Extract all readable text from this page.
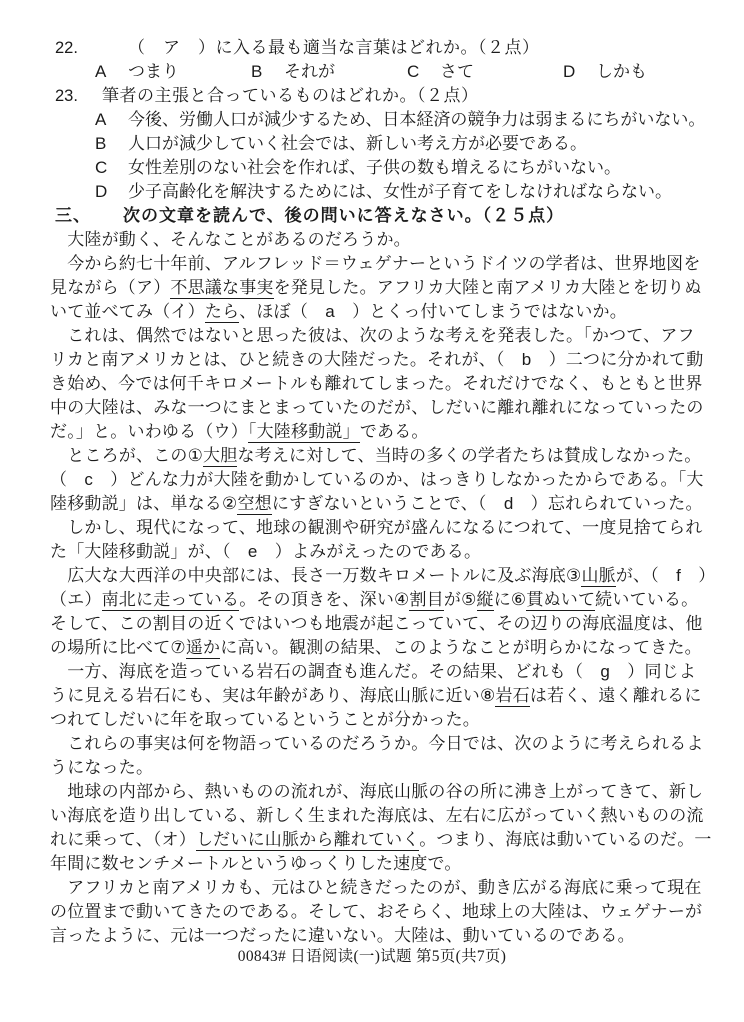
22.	（　ア　）に入る最も適当な言葉はどれか。（２点）
A	つまり	B	それが	C	さて	D	しかも
23.	筆者の主張と合っているものはどれか。（２点）
A	今後、労働人口が減少するため、日本経済の競争力は弱まるにちがいない。
B	人口が減少していく社会では、新しい考え方が必要である。
C	女性差別のない社会を作れば、子供の数も増えるにちがいない。
D	少子高齢化を解決するためには、女性が子育てをしなければならない。
三、	次の文章を読んで、後の問いに答えなさい。（２５点）
　大陸が動く、そんなことがあるのだろうか。
　今から約七十年前、アルフレッド＝ウェゲナーというドイツの学者は、世界地図を
見ながら（ア）不思議な事実を発見した。アフリカ大陸と南アメリカ大陸とを切りぬ
いて並べてみ（イ）たら、ほぼ（　a　）とくっ付いてしまうではないか。
　これは、偶然ではないと思った彼は、次のような考えを発表した。「かつて、アフ
リカと南アメリカとは、ひと続きの大陸だった。それが、（　b　）二つに分かれて動
き始め、今では何千キロメートルも離れてしまった。それだけでなく、もともと世界
中の大陸は、みな一つにまとまっていたのだが、しだいに離れ離れになっていったの
だ。」と。いわゆる（ウ）「大陸移動説」である。
　ところが、この①大胆な考えに対して、当時の多くの学者たちは賛成しなかった。
（　c　）どんな力が大陸を動かしているのか、はっきりしなかったからである。「大
陸移動説」は、単なる②空想にすぎないということで、（　d　）忘れられていった。
　しかし、現代になって、地球の観測や研究が盛んになるにつれて、一度見捨てられ
た「大陸移動説」が、（　e　）よみがえったのである。
　広大な大西洋の中央部には、長さ一万数キロメートルに及ぶ海底③山脈が、（　f　）
（エ）南北に走っている。その頂きを、深い④割目が⑤縦に⑥貫ぬいて続いている。
そして、この割目の近くではいつも地震が起こっていて、その辺りの海底温度は、他
の場所に比べて⑦遥かに高い。観測の結果、このようなことが明らかになってきた。
　一方、海底を造っている岩石の調査も進んだ。その結果、どれも（　g　）同じよ
うに見える岩石にも、実は年齢があり、海底山脈に近い⑧岩石は若く、遠く離れるに
つれてしだいに年を取っているということが分かった。
　これらの事実は何を物語っているのだろうか。今日では、次のように考えられるよ
うになった。
　地球の内部から、熱いものの流れが、海底山脈の谷の所に沸き上がってきて、新し
い海底を造り出している、新しく生まれた海底は、左右に広がっていく熱いものの流
れに乗って、（オ）しだいに山脈から離れていく。つまり、海底は動いているのだ。一
年間に数センチメートルというゆっくりした速度で。
　アフリカと南アメリカも、元はひと続きだったのが、動き広がる海底に乗って現在
の位置まで動いてきたのである。そして、おそらく、地球上の大陸は、ウェゲナーが
言ったように、元は一つだったに違いない。大陸は、動いているのである。
00843# 日语阅读(一)试题 第5页(共7页)
